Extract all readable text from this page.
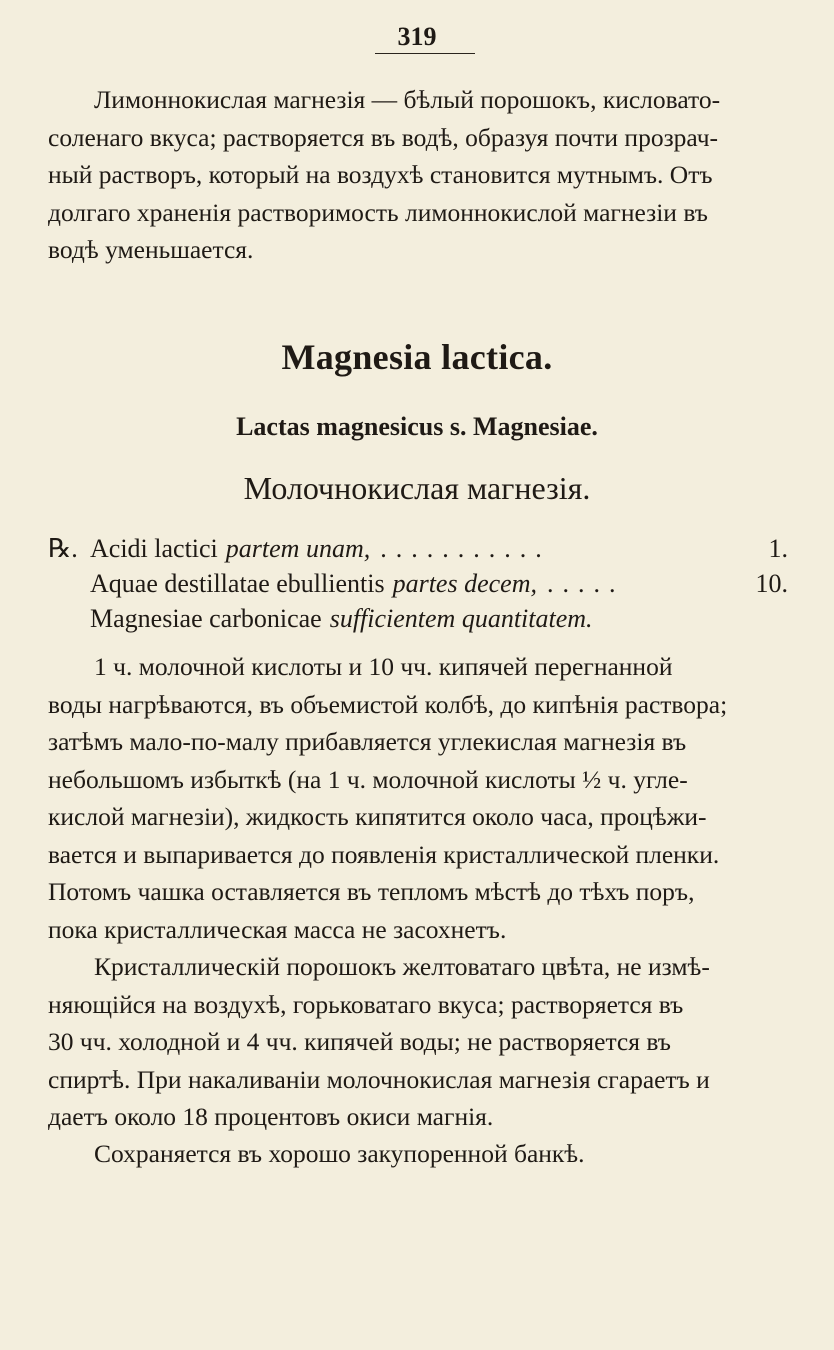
319
Лимоннокислая магнезія — бѣлый порошокъ, кисловато-
соленаго вкуса; растворяется въ водѣ, образуя почти прозрач-
ный растворъ, который на воздухѣ становится мутнымъ. Отъ
долгаго храненія растворимость лимоннокислой магнезіи въ
водѣ уменьшается.
Magnesia lactica.
Lactas magnesicus s. Magnesiae.
Молочнокислая магнезія.
℞. Acidi lactici partem unam, ...........	1.
Aquae destillatae ebullientis partes decem, .....	10.
Magnesiae carbonicae sufficientem quantitatem.
1 ч. молочной кислоты и 10 чч. кипячей перегнанной
воды нагрѣваются, въ объемистой колбѣ, до кипѣнія раствора;
затѣмъ мало-по-малу прибавляется углекислая магнезія въ
небольшомъ избыткѣ (на 1 ч. молочной кислоты ½ ч. угле-
кислой магнезіи), жидкость кипятится около часа, процѣжи-
вается и выпаривается до появленія кристаллической пленки.
Потомъ чашка оставляется въ тепломъ мѣстѣ до тѣхъ поръ,
пока кристаллическая масса не засохнетъ.
Кристаллическій порошокъ желтоватаго цвѣта, не измѣ-
няющійся на воздухѣ, горьковатаго вкуса; растворяется въ
30 чч. холодной и 4 чч. кипячей воды; не растворяется въ
спиртѣ. При накаливаніи молочнокислая магнезія сгараетъ и
даетъ около 18 процентовъ окиси магнія.
Сохраняется въ хорошо закупоренной банкѣ.
